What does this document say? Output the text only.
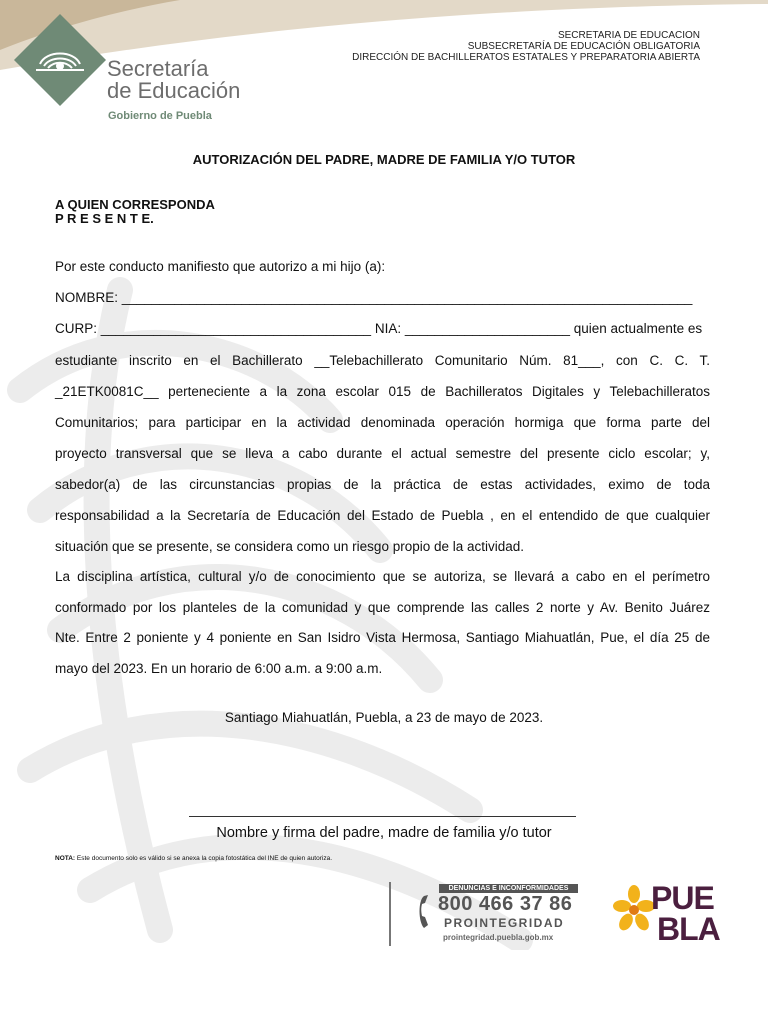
Secretaría
de Educación
Gobierno de Puebla
SECRETARIA DE EDUCACION
SUBSECRETARÍA DE EDUCACIÓN OBLIGATORIA
DIRECCIÓN DE BACHILLERATOS ESTATALES Y PREPARATORIA ABIERTA
AUTORIZACIÓN DEL PADRE, MADRE DE FAMILIA Y/O TUTOR
A QUIEN CORRESPONDA
P R E S E N T E.
Por este conducto manifiesto que autorizo a mi hijo (a):
NOMBRE: ____________________________________________________________________________
CURP: ____________________________________ NIA: ______________________ quien actualmente es
estudiante inscrito en el Bachillerato __Telebachillerato Comunitario Núm. 81___, con C. C. T.
_21ETK0081C__ perteneciente a la zona escolar 015 de Bachilleratos Digitales y Telebachilleratos
Comunitarios; para participar en la actividad denominada operación hormiga que forma parte del
proyecto transversal que se lleva a cabo durante el actual semestre del presente ciclo escolar; y,
sabedor(a) de las circunstancias propias de la práctica de estas actividades, eximo de toda
responsabilidad a la Secretaría de Educación del Estado de Puebla , en el entendido de que cualquier
situación que se presente, se considera como un riesgo propio de la actividad.
La disciplina artística, cultural y/o de conocimiento que se autoriza, se llevará a cabo en el perímetro
conformado por los planteles de la comunidad y que comprende las calles 2 norte y Av. Benito Juárez
Nte. Entre 2 poniente y 4 poniente en San Isidro Vista Hermosa, Santiago Miahuatlán, Pue, el día 25 de
mayo del 2023. En un horario de 6:00 a.m. a 9:00 a.m.
Santiago Miahuatlán, Puebla, a 23 de mayo de 2023.
Nombre y firma del padre, madre de familia y/o tutor
NOTA: Este documento solo es válido si se anexa la copia fotostática del INE de quien autoriza.
DENUNCIAS E INCONFORMIDADES
800 466 37 86
PROINTEGRIDAD
prointegridad.puebla.gob.mx
PUE
BLA
